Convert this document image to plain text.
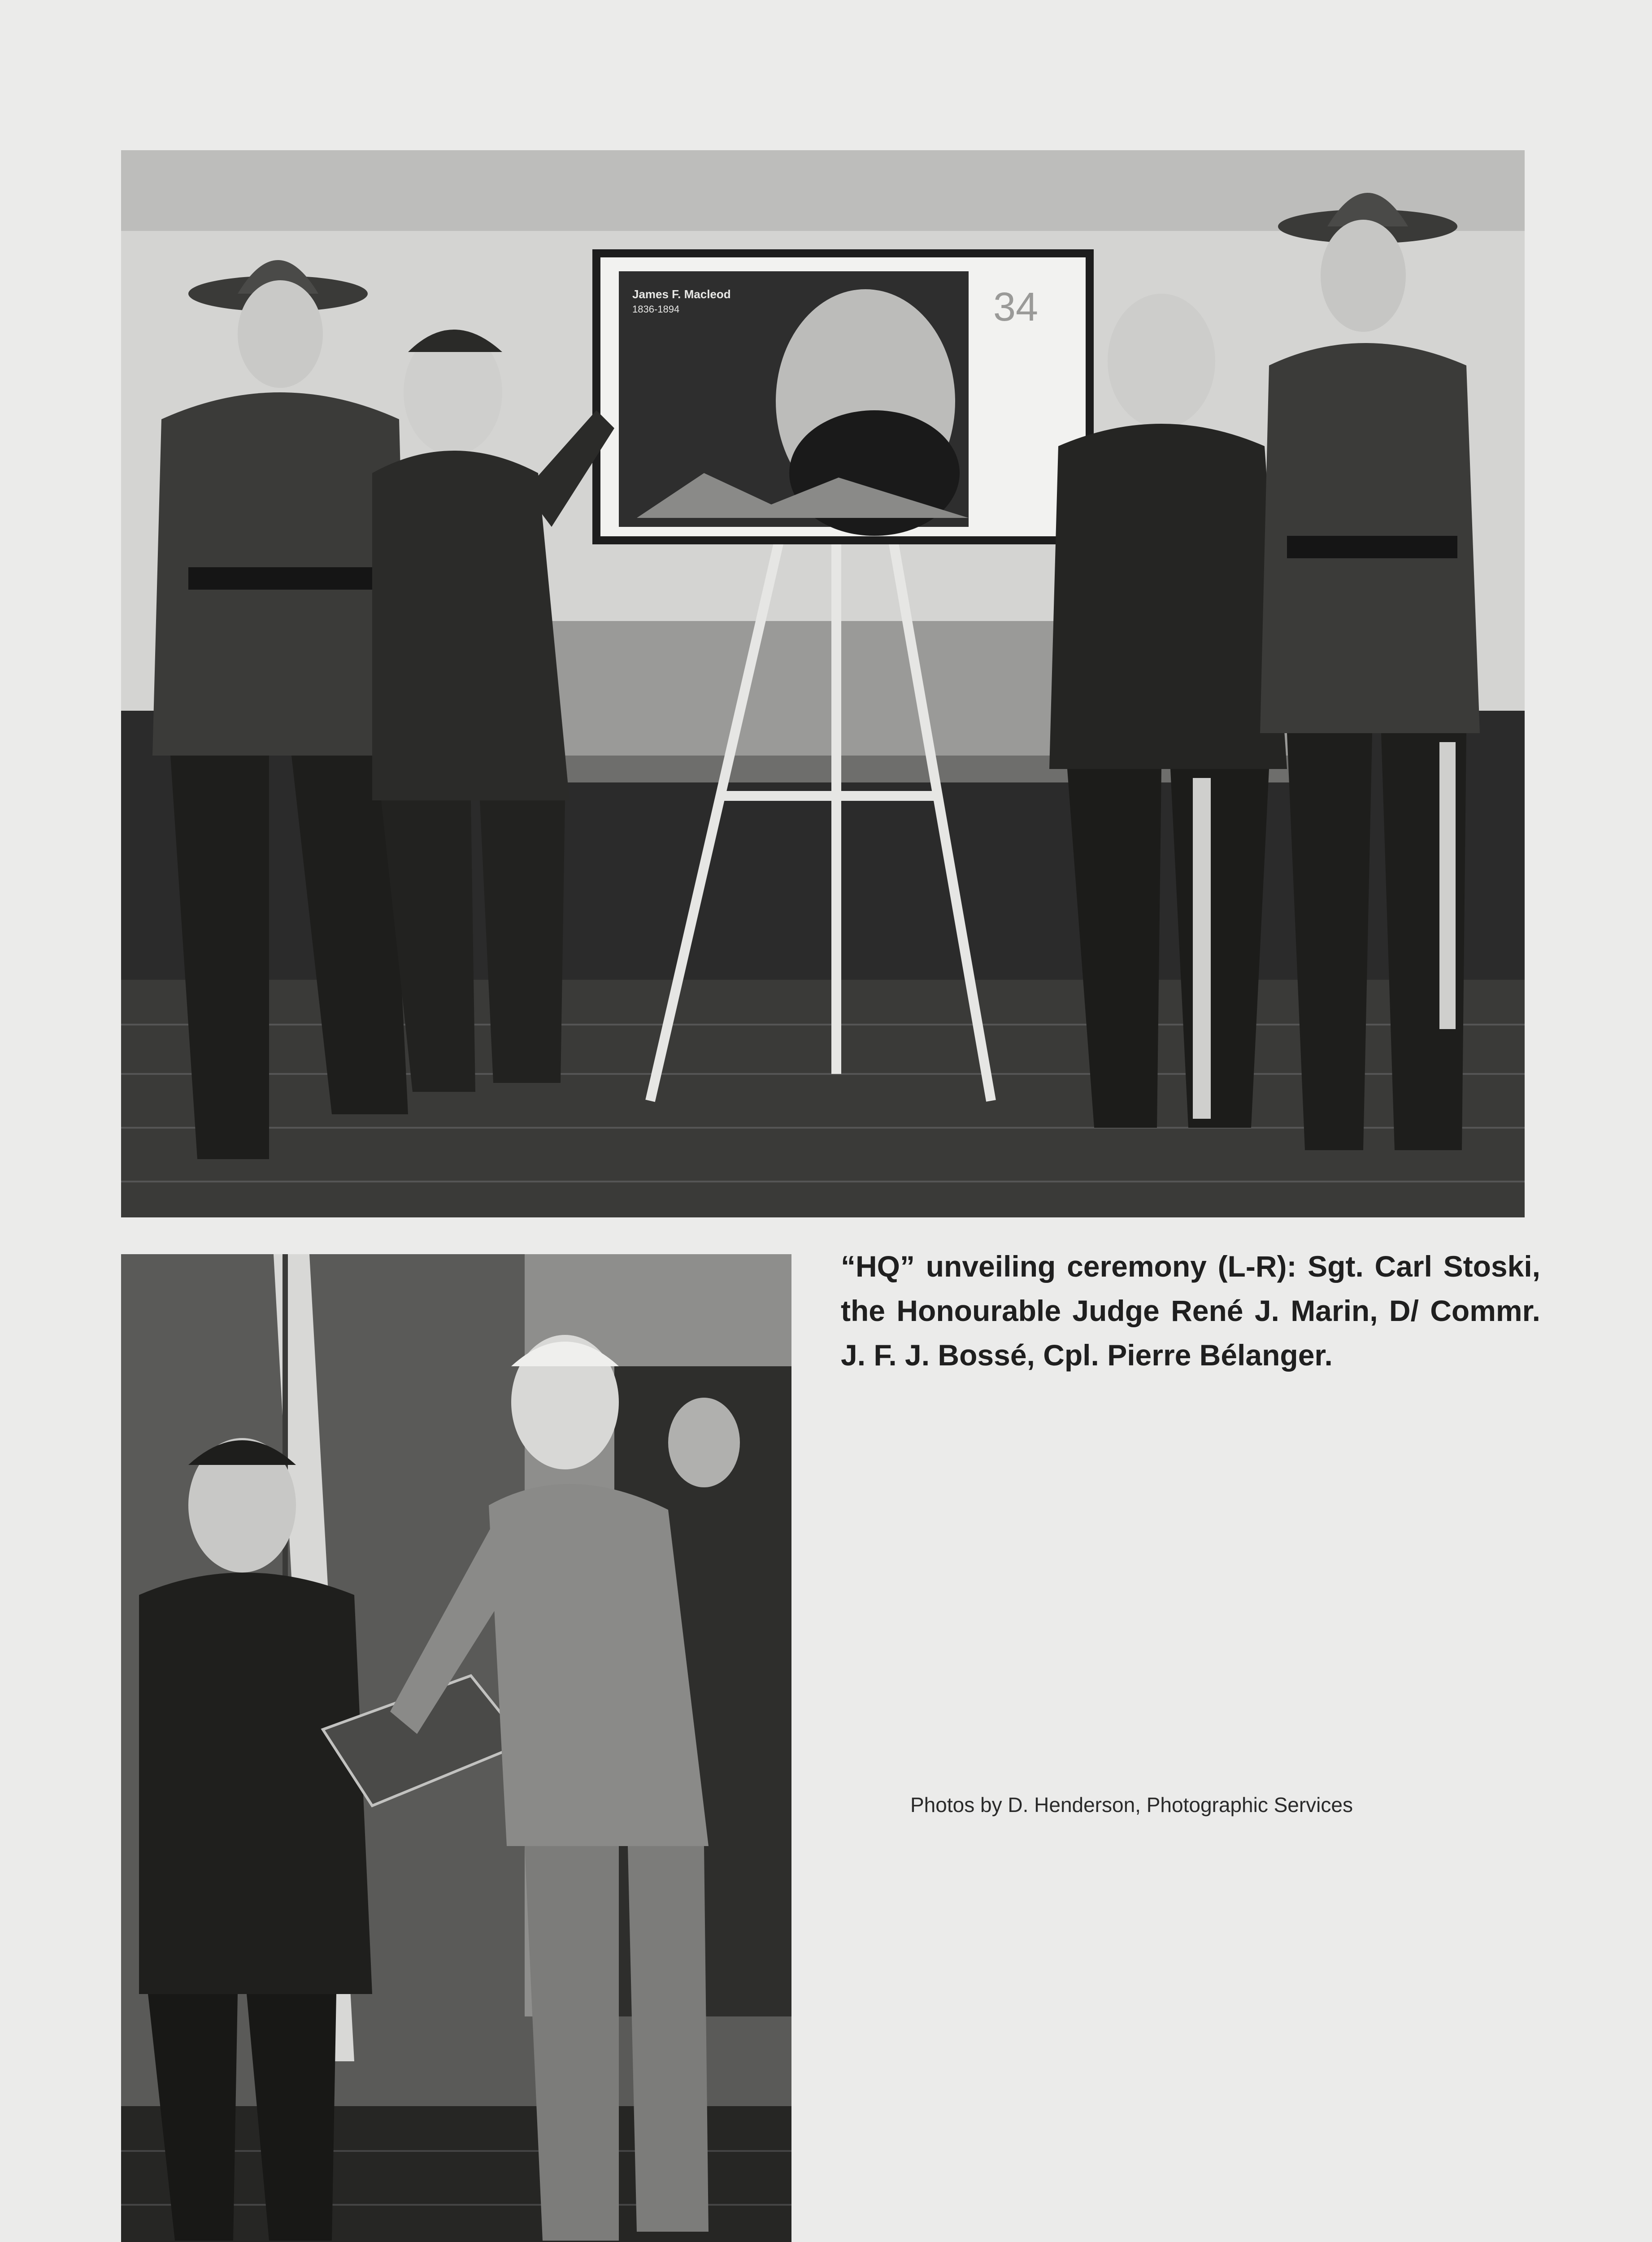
James F. Macleod
1836-1894	34

“HQ” unveiling ceremony (L-R): Sgt. Carl Stoski, the Honourable Judge René J. Marin, D/ Commr. J. F. J. Bossé, Cpl. Pierre Bélanger.

Photos by D. Henderson, Photographic Services
